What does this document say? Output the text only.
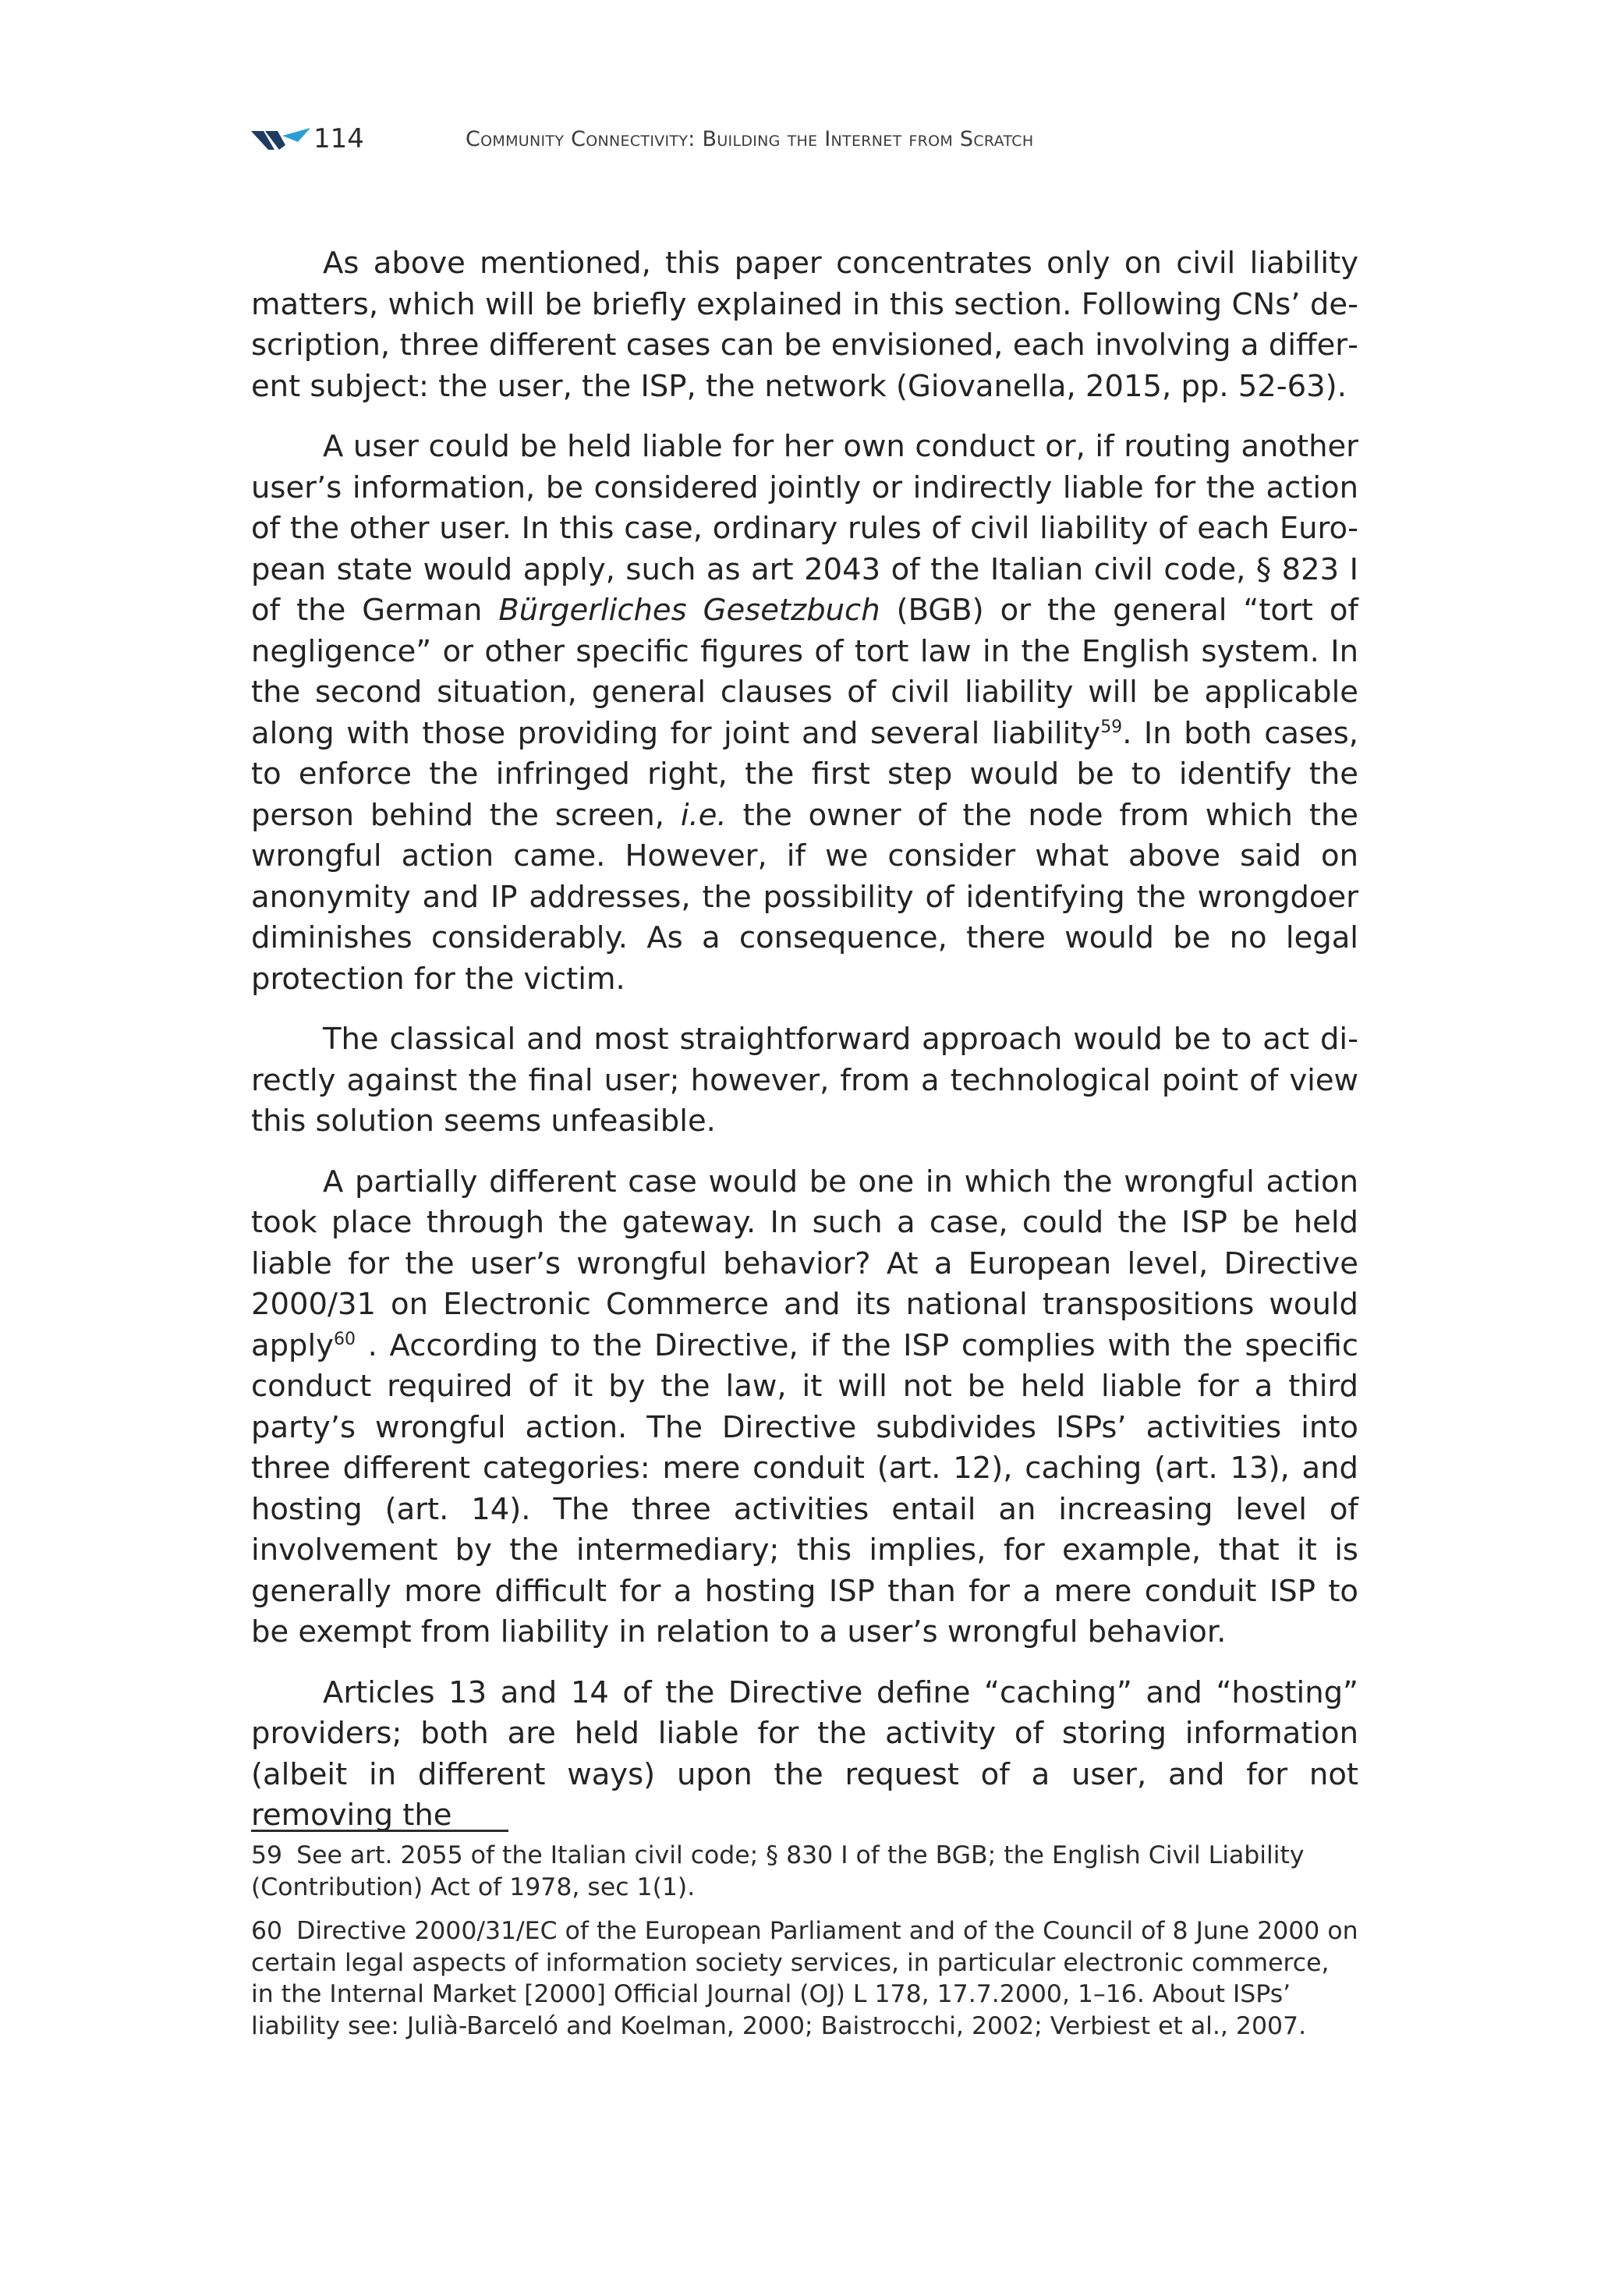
114	Community Connectivity: Building the Internet from Scratch

As above mentioned, this paper concentrates only on civil liability matters, which will be briefly explained in this section. Following CNs’ description, three different cases can be envisioned, each involving a different subject: the user, the ISP, the network (Giovanella, 2015, pp. 52-63).

A user could be held liable for her own conduct or, if routing another user’s information, be considered jointly or indirectly liable for the action of the other user. In this case, ordinary rules of civil liability of each European state would apply, such as art 2043 of the Italian civil code, § 823 I of the German Bürgerliches Gesetzbuch (BGB) or the general “tort of negligence” or other specific figures of tort law in the English system. In the second situation, general clauses of civil liability will be applicable along with those providing for joint and several liability$^{59}$. In both cases, to enforce the infringed right, the first step would be to identify the person behind the screen, i.e. the owner of the node from which the wrongful action came. However, if we consider what above said on anonymity and IP addresses, the possibility of identifying the wrongdoer diminishes considerably. As a consequence, there would be no legal protection for the victim.

The classical and most straightforward approach would be to act directly against the final user; however, from a technological point of view this solution seems unfeasible.

A partially different case would be one in which the wrongful action took place through the gateway. In such a case, could the ISP be held liable for the user’s wrongful behavior? At a European level, Directive 2000/31 on Electronic Commerce and its national transpositions would apply$^{60}$ . According to the Directive, if the ISP complies with the specific conduct required of it by the law, it will not be held liable for a third party’s wrongful action. The Directive subdivides ISPs’ activities into three different categories: mere conduit (art. 12), caching (art. 13), and hosting (art. 14). The three activities entail an increasing level of involvement by the intermediary; this implies, for example, that it is generally more difficult for a hosting ISP than for a mere conduit ISP to be exempt from liability in relation to a user’s wrongful behavior.

Articles 13 and 14 of the Directive define “caching” and “hosting” providers; both are held liable for the activity of storing information (albeit in different ways) upon the request of a user, and for not removing the

59 See art. 2055 of the Italian civil code; § 830 I of the BGB; the English Civil Liability (Contribution) Act of 1978, sec 1(1).
60 Directive 2000/31/EC of the European Parliament and of the Council of 8 June 2000 on certain legal aspects of information society services, in particular electronic commerce, in the Internal Market [2000] Official Journal (OJ) L 178, 17.7.2000, 1–16. About ISPs’ liability see: Julià-Barceló and Koelman, 2000; Baistrocchi, 2002; Verbiest et al., 2007.
